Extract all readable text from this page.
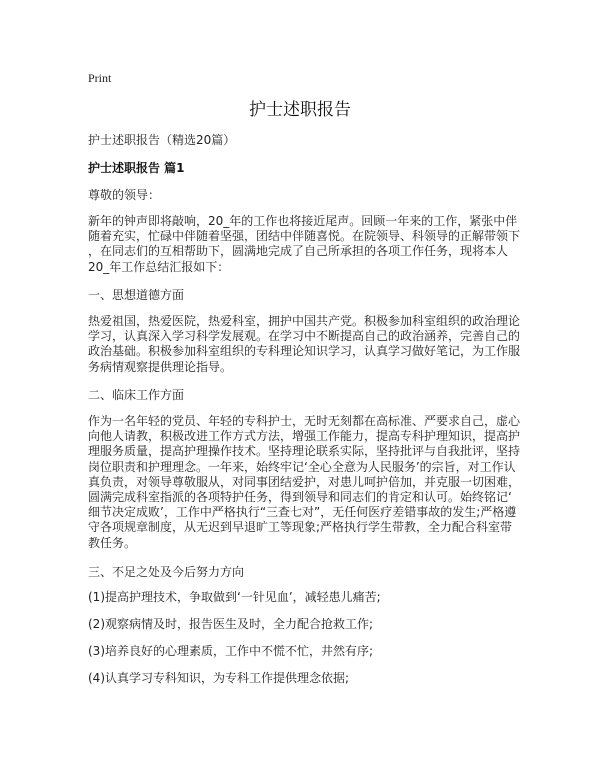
Print
护士述职报告
护士述职报告（精选20篇）
护士述职报告 篇1
尊敬的领导：
新年的钟声即将敲响，20_年的工作也将接近尾声。回顾一年来的工作，紧张中伴
随着充实，忙碌中伴随着坚强，团结中伴随喜悦。在院领导、科领导的正解带领下
，在同志们的互相帮助下，圆满地完成了自己所承担的各项工作任务，现将本人
20_年工作总结汇报如下：
一、思想道德方面
热爱祖国，热爱医院，热爱科室，拥护中国共产党。积极参加科室组织的政治理论
学习，认真深入学习科学发展观。在学习中不断提高自己的政治涵养，完善自己的
政治基础。积极参加科室组织的专科理论知识学习，认真学习做好笔记，为工作服
务病情观察提供理论指导。
二、临床工作方面
作为一名年轻的党员、年轻的专科护士，无时无刻都在高标准、严要求自己，虚心
向他人请教，积极改进工作方式方法，增强工作能力，提高专科护理知识，提高护
理服务质量，提高护理操作技术。坚持理论联系实际，坚持批评与自我批评，坚持
岗位职责和护理理念。一年来，始终牢记‘全心全意为人民服务’的宗旨，对工作认
真负责，对领导尊敬服从，对同事团结爱护，对患儿呵护倍加，并克服一切困难，
圆满完成科室指派的各项特护任务，得到领导和同志们的肯定和认可。始终铭记‘
细节决定成败’，工作中严格执行“三查七对”，无任何医疗差错事故的发生;严格遵
守各项规章制度，从无迟到早退旷工等现象;严格执行学生带教，全力配合科室带
教任务。
三、不足之处及今后努力方向
(1)提高护理技术，争取做到‘一针见血’，减轻患儿痛苦;
(2)观察病情及时，报告医生及时，全力配合抢救工作;
(3)培养良好的心理素质，工作中不慌不忙，井然有序;
(4)认真学习专科知识，为专科工作提供理念依据;
